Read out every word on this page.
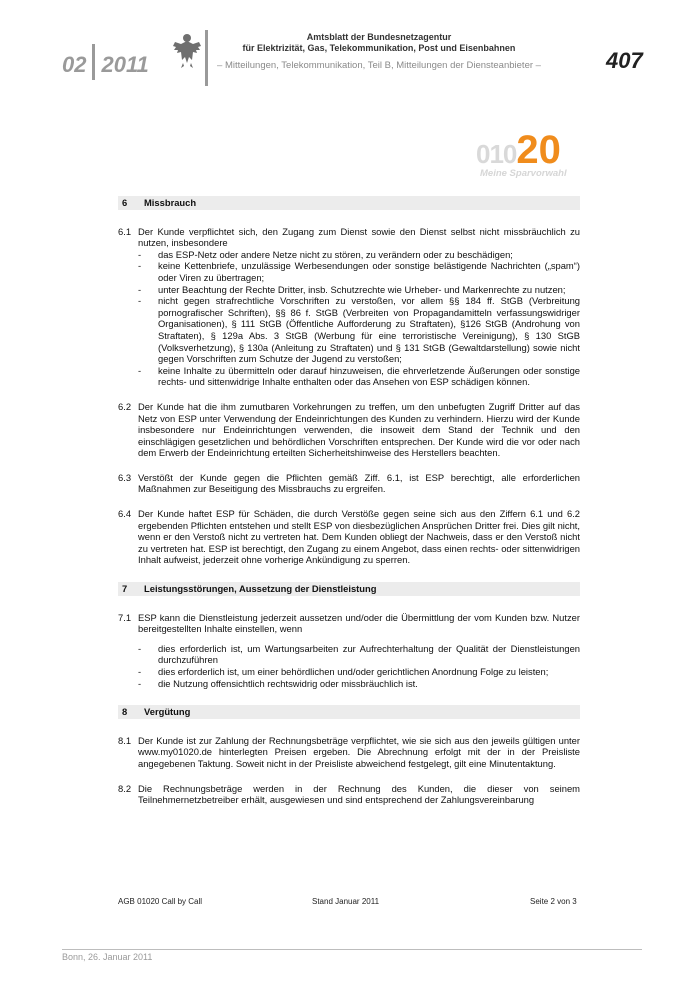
02 2011
Amtsblatt der Bundesnetzagentur
für Elektrizität, Gas, Telekommunikation, Post und Eisenbahnen
– Mitteilungen, Telekommunikation, Teil B, Mitteilungen der Diensteanbieter –	407
01020
Meine Sparvorwahl
6	Missbrauch
6.1 Der Kunde verpflichtet sich, den Zugang zum Dienst sowie den Dienst selbst nicht missbräuchlich zu nutzen, insbesondere
-	das ESP-Netz oder andere Netze nicht zu stören, zu verändern oder zu beschädigen;
-	keine Kettenbriefe, unzulässige Werbesendungen oder sonstige belästigende Nachrichten („spam“) oder Viren zu übertragen;
-	unter Beachtung der Rechte Dritter, insb. Schutzrechte wie Urheber- und Markenrechte zu nutzen;
-	nicht gegen strafrechtliche Vorschriften zu verstoßen, vor allem §§ 184 ff. StGB (Verbreitung pornografischer Schriften), §§ 86 f. StGB (Verbreiten von Propagandamitteln verfassungswidriger Organisationen), § 111 StGB (Öffentliche Aufforderung zu Straftaten), §126 StGB (Androhung von Straftaten), § 129a Abs. 3 StGB (Werbung für eine terroristische Vereinigung), § 130 StGB (Volksverhetzung), § 130a (Anleitung zu Straftaten) und § 131 StGB (Gewaltdarstellung) sowie nicht gegen Vorschriften zum Schutze der Jugend zu verstoßen;
-	keine Inhalte zu übermitteln oder darauf hinzuweisen, die ehrverletzende Äußerungen oder sonstige rechts- und sittenwidrige Inhalte enthalten oder das Ansehen von ESP schädigen können.
6.2 Der Kunde hat die ihm zumutbaren Vorkehrungen zu treffen, um den unbefugten Zugriff Dritter auf das Netz von ESP unter Verwendung der Endeinrichtungen des Kunden zu verhindern. Hierzu wird der Kunde insbesondere nur Endeinrichtungen verwenden, die insoweit dem Stand der Technik und den einschlägigen gesetzlichen und behördlichen Vorschriften entsprechen. Der Kunde wird die vor oder nach dem Erwerb der Endeinrichtung erteilten Sicherheitshinweise des Herstellers beachten.
6.3 Verstößt der Kunde gegen die Pflichten gemäß Ziff. 6.1, ist ESP berechtigt, alle erforderlichen Maßnahmen zur Beseitigung des Missbrauchs zu ergreifen.
6.4 Der Kunde haftet ESP für Schäden, die durch Verstöße gegen seine sich aus den Ziffern 6.1 und 6.2 ergebenden Pflichten entstehen und stellt ESP von diesbezüglichen Ansprüchen Dritter frei. Dies gilt nicht, wenn er den Verstoß nicht zu vertreten hat. Dem Kunden obliegt der Nachweis, dass er den Verstoß nicht zu vertreten hat. ESP ist berechtigt, den Zugang zu einem Angebot, dass einen rechts- oder sittenwidrigen Inhalt aufweist, jederzeit ohne vorherige Ankündigung zu sperren.
7	Leistungsstörungen, Aussetzung der Dienstleistung
7.1 ESP kann die Dienstleistung jederzeit aussetzen und/oder die Übermittlung der vom Kunden bzw. Nutzer bereitgestellten Inhalte einstellen, wenn
-	dies erforderlich ist, um Wartungsarbeiten zur Aufrechterhaltung der Qualität der Dienstleistungen durchzuführen
-	dies erforderlich ist, um einer behördlichen und/oder gerichtlichen Anordnung Folge zu leisten;
-	die Nutzung offensichtlich rechtswidrig oder missbräuchlich ist.
8	Vergütung
8.1 Der Kunde ist zur Zahlung der Rechnungsbeträge verpflichtet, wie sie sich aus den jeweils gültigen unter www.my01020.de hinterlegten Preisen ergeben. Die Abrechnung erfolgt mit der in der Preisliste angegebenen Taktung. Soweit nicht in der Preisliste abweichend festgelegt, gilt eine Minutentaktung.
8.2 Die Rechnungsbeträge werden in der Rechnung des Kunden, die dieser von seinem Teilnehmernetzbetreiber erhält, ausgewiesen und sind entsprechend der Zahlungsvereinbarung
AGB 01020 Call by Call	Stand Januar 2011	Seite 2 von 3
Bonn, 26. Januar 2011
